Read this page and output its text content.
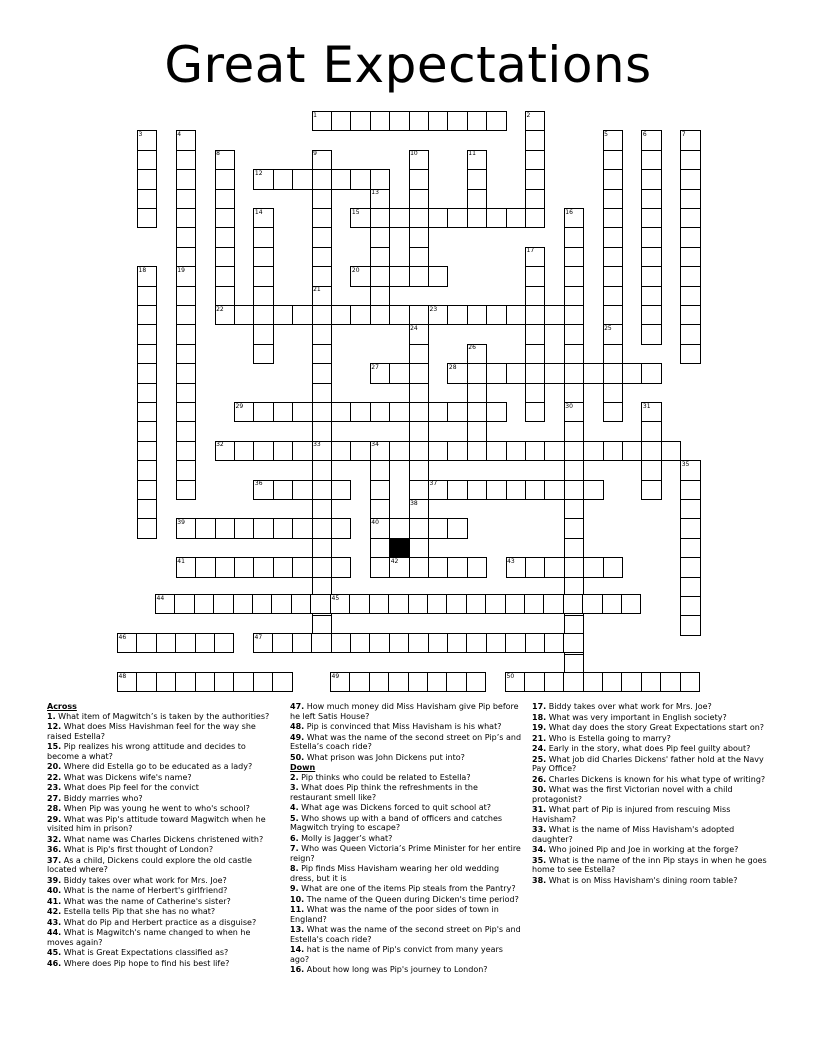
Great Expectations
1
12
15
20
22	23
27	28
29
32
36	37
39	40
41	42	43
2
3	4	5	6	7
8	9	10	11
13
14	16
17
18	19
21
24	25
26
30	31
33	34
35
38
44	45
46	47
48	49	50
Across
1. What item of Magwitch’s is taken by the authorities?
12. What does Miss Havishman feel for the way she raised Estella?
15. Pip realizes his wrong attitude and decides to become a what?
20. Where did Estella go to be educated as a lady?
22. What was Dickens wife's name?
23. What does Pip feel for the convict
27. Biddy marries who?
28. When Pip was young he went to who's school?
29. What was Pip's attitude toward Magwitch when he visited him in prison?
32. What name was Charles Dickens christened with?
36. What is Pip's first thought of London?
37. As a child, Dickens could explore the old castle located where?
39. Biddy takes over what work for Mrs. Joe?
40. What is the name of Herbert's girlfriend?
41. What was the name of Catherine's sister?
42. Estella tells Pip that she has no what?
43. What do Pip and Herbert practice as a disguise?
44. What is Magwitch's name changed to when he moves again?
45. What is Great Expectations classified as?
46. Where does Pip hope to find his best life?
47. How much money did Miss Havisham give Pip before he left Satis House?
48. Pip is convinced that Miss Havisham is his what?
49. What was the name of the second street on Pip’s and Estella’s coach ride?
50. What prison was John Dickens put into?
Down
2. Pip thinks who could be related to Estella?
3. What does Pip think the refreshments in the restaurant smell like?
4. What age was Dickens forced to quit school at?
5. Who shows up with a band of officers and catches Magwitch trying to escape?
6. Molly is Jagger’s what?
7. Who was Queen Victoria’s Prime Minister for her entire reign?
8. Pip finds Miss Havisham wearing her old wedding dress, but it is
9. What are one of the items Pip steals from the Pantry?
10. The name of the Queen during Dicken's time period?
11. What was the name of the poor sides of town in England?
13. What was the name of the second street on Pip's and Estella's coach ride?
14. hat is the name of Pip's convict from many years ago?
16. About how long was Pip's journey to London?
17. Biddy takes over what work for Mrs. Joe?
18. What was very important in English society?
19. What day does the story Great Expectations start on?
21. Who is Estella going to marry?
24. Early in the story, what does Pip feel guilty about?
25. What job did Charles Dickens' father hold at the Navy Pay Office?
26. Charles Dickens is known for his what type of writing?
30. What was the first Victorian novel with a child protagonist?
31. What part of Pip is injured from rescuing Miss Havisham?
33. What is the name of Miss Havisham's adopted daughter?
34. Who joined Pip and Joe in working at the forge?
35. What is the name of the inn Pip stays in when he goes home to see Estella?
38. What is on Miss Havisham's dining room table?
